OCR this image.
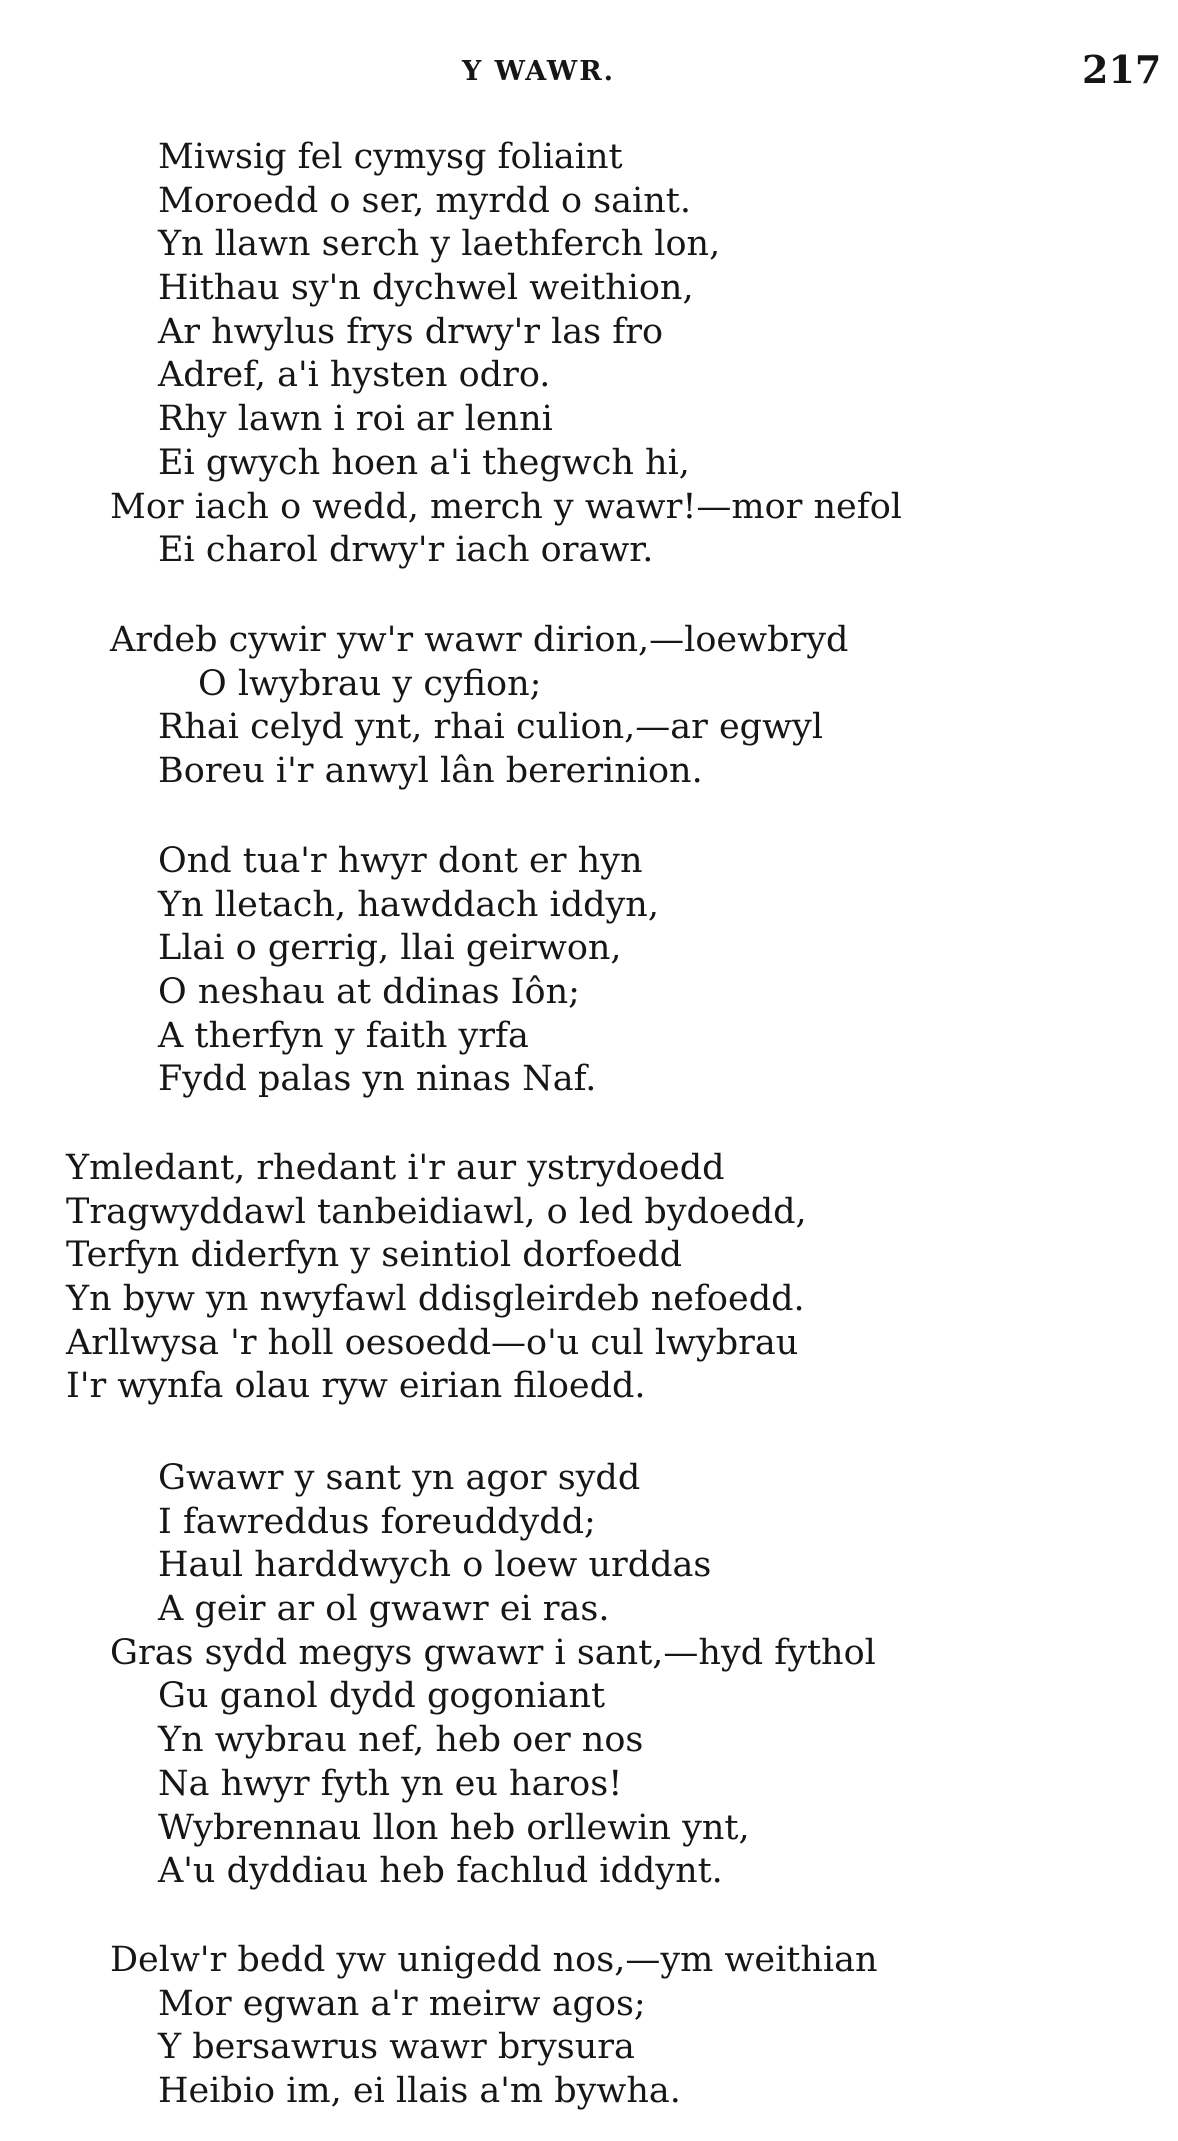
Y WAWR.	217
Miwsig fel cymysg foliaint
Moroedd o ser, myrdd o saint.
Yn llawn serch y laethferch lon,
Hithau sy'n dychwel weithion,
Ar hwylus frys drwy'r las fro
Adref, a'i hysten odro.
Rhy lawn i roi ar lenni
Ei gwych hoen a'i thegwch hi,
Mor iach o wedd, merch y wawr!—mor nefol
Ei charol drwy'r iach orawr.
Ardeb cywir yw'r wawr dirion,—loewbryd
O lwybrau y cyfion;
Rhai celyd ynt, rhai culion,—ar egwyl
Boreu i'r anwyl lân bererinion.
Ond tua'r hwyr dont er hyn
Yn lletach, hawddach iddyn,
Llai o gerrig, llai geirwon,
O neshau at ddinas Iôn;
A therfyn y faith yrfa
Fydd palas yn ninas Naf.
Ymledant, rhedant i'r aur ystrydoedd
Tragwyddawl tanbeidiawl, o led bydoedd,
Terfyn diderfyn y seintiol dorfoedd
Yn byw yn nwyfawl ddisgleirdeb nefoedd.
Arllwysa 'r holl oesoedd—o'u cul lwybrau
I'r wynfa olau ryw eirian filoedd.
Gwawr y sant yn agor sydd
I fawreddus foreuddydd;
Haul harddwych o loew urddas
A geir ar ol gwawr ei ras.
Gras sydd megys gwawr i sant,—hyd fythol
Gu ganol dydd gogoniant
Yn wybrau nef, heb oer nos
Na hwyr fyth yn eu haros!
Wybrennau llon heb orllewin ynt,
A'u dyddiau heb fachlud iddynt.
Delw'r bedd yw unigedd nos,—ym weithian
Mor egwan a'r meirw agos;
Y bersawrus wawr brysura
Heibio im, ei llais a'm bywha.
